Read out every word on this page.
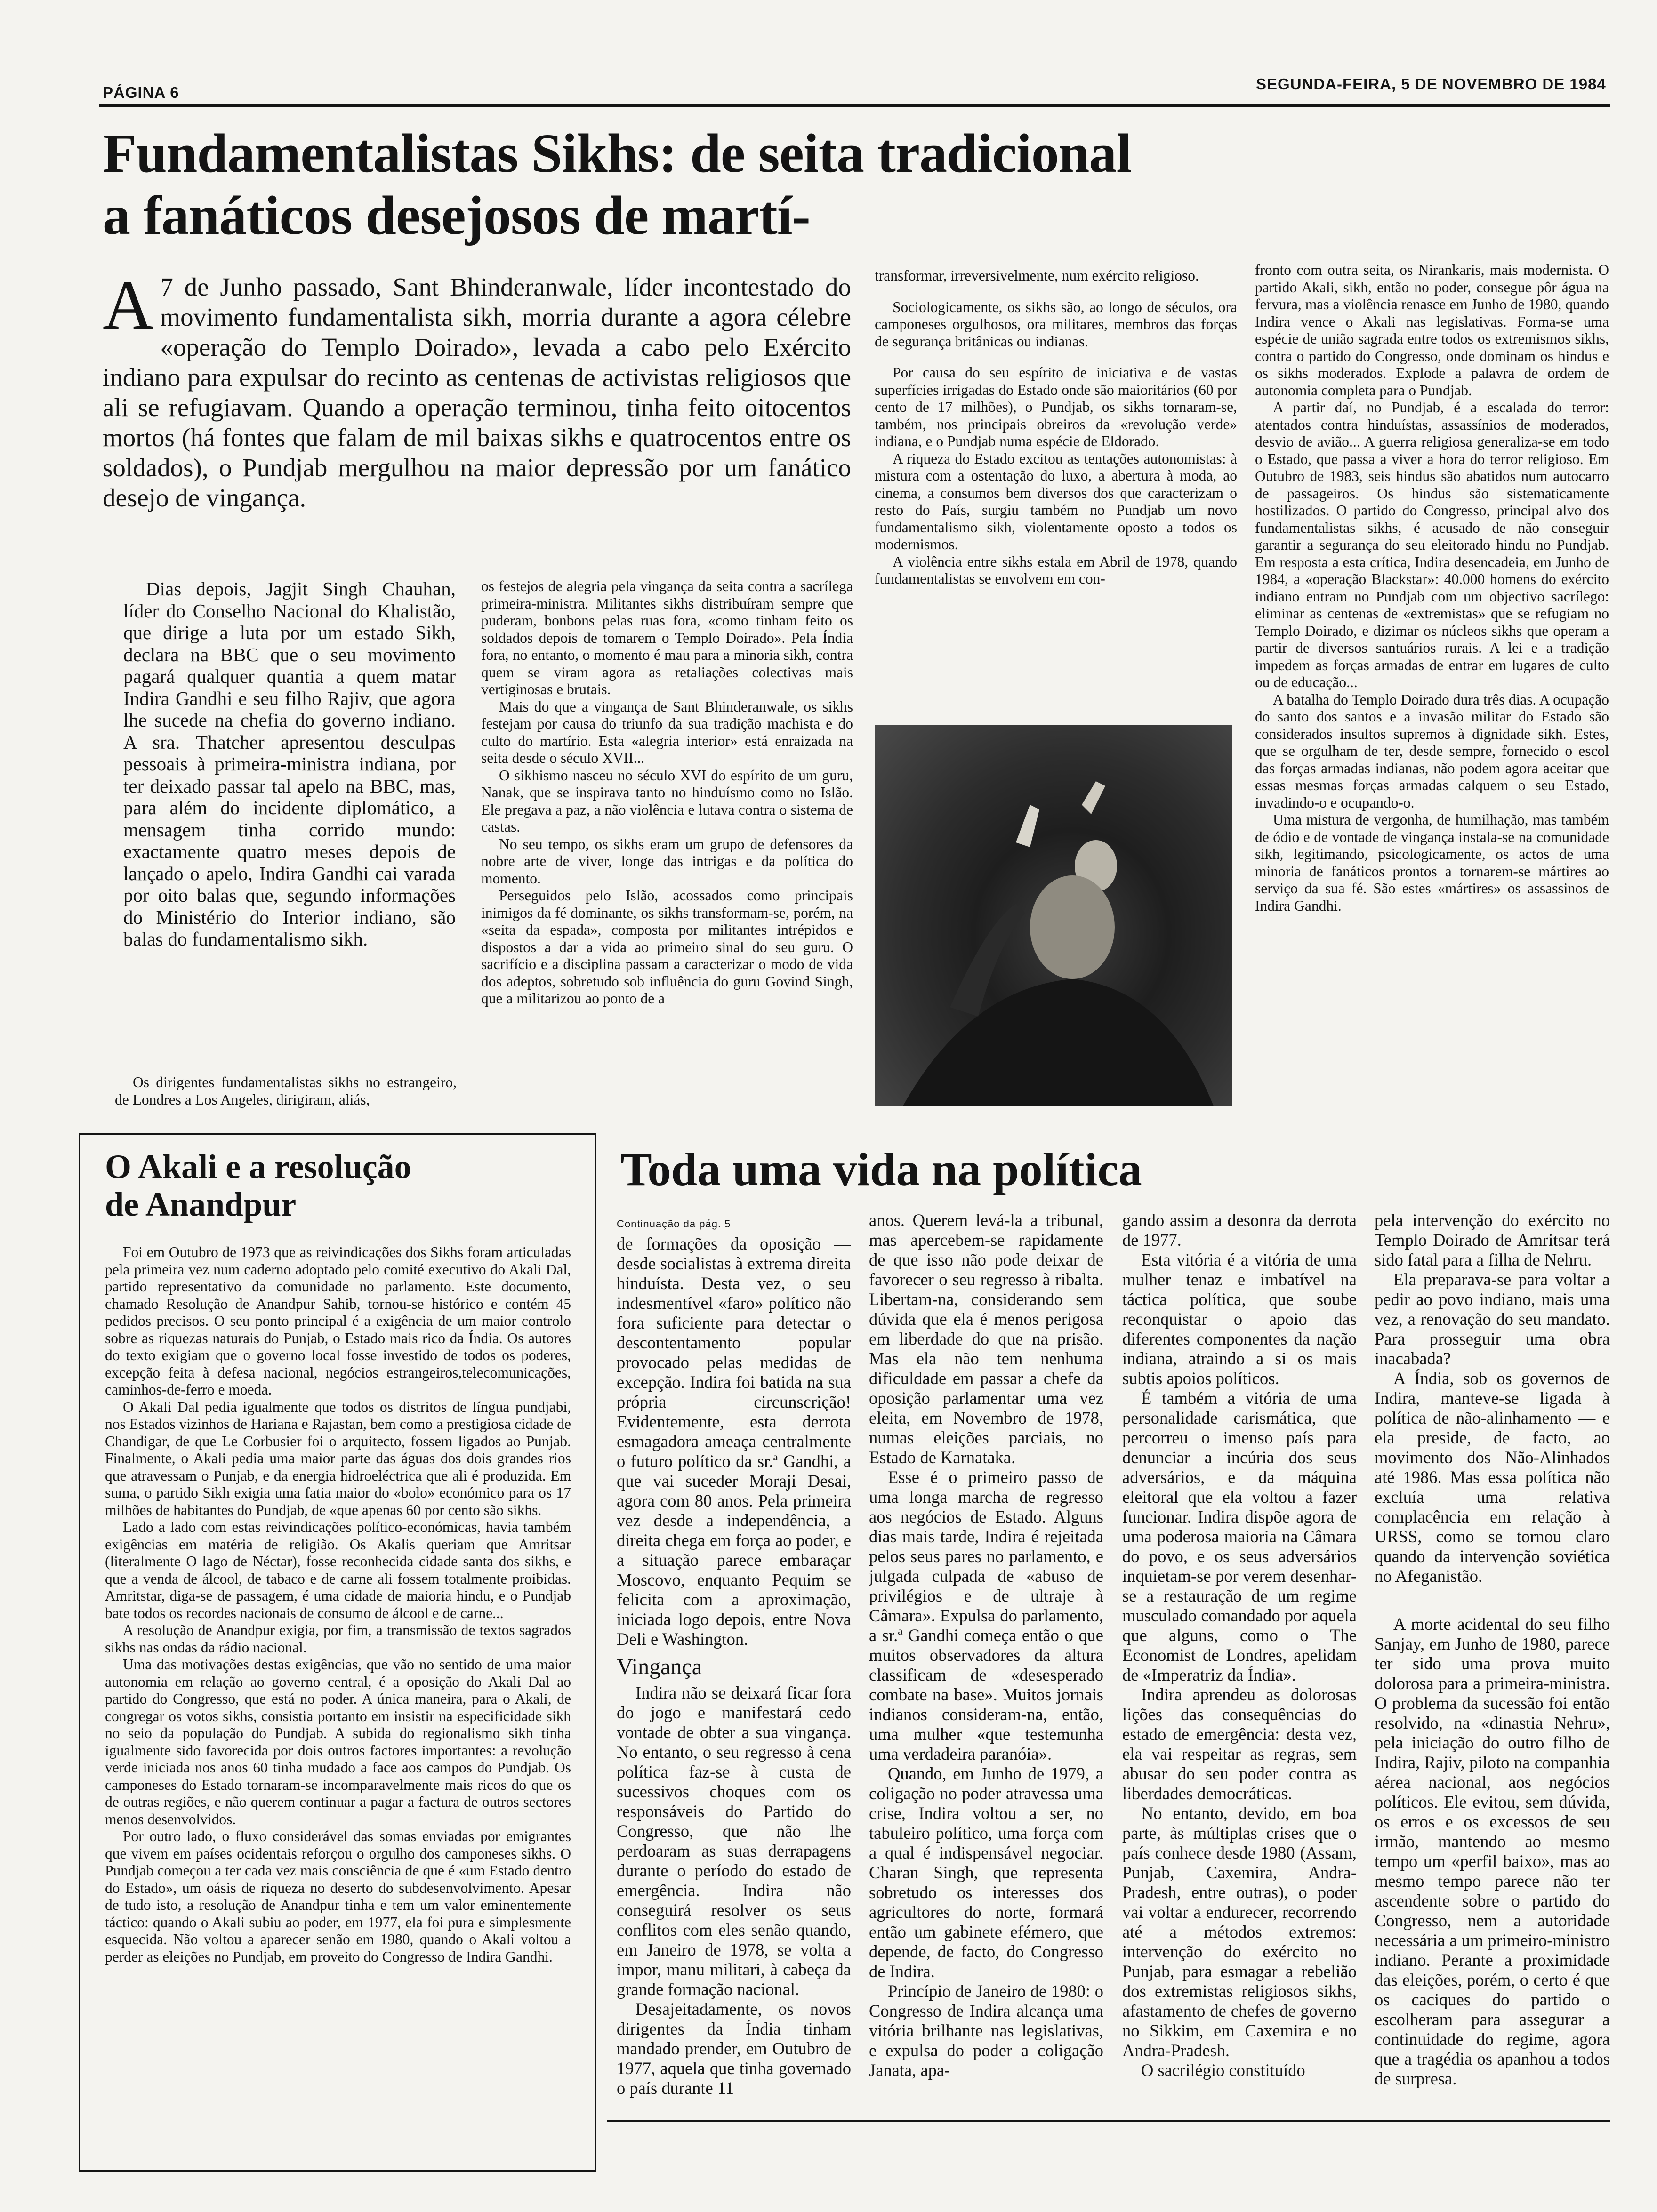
PÁGINA 6	SEGUNDA-FEIRA, 5 DE NOVEMBRO DE 1984
Fundamentalistas Sikhs: de seita tradicional
a fanáticos desejosos de martí-
A 7 de Junho passado, Sant Bhinderanwale, líder incontestado do movimento fundamentalista sikh, morria durante a agora célebre «operação do Templo Doirado», levada a cabo pelo Exército indiano para expulsar do recinto as centenas de activistas religiosos que ali se refugiavam. Quando a operação terminou, tinha feito oitocentos mortos (há fontes que falam de mil baixas sikhs e quatrocentos entre os soldados), o Pundjab mergulhou na maior depressão por um fanático desejo de vingança.

Dias depois, Jagjit Singh Chauhan, líder do Conselho Nacional do Khalistão, que dirige a luta por um estado Sikh, declara na BBC que o seu movimento pagará qualquer quantia a quem matar Indira Gandhi e seu filho Rajiv, que agora lhe sucede na chefia do governo indiano. A sra. Thatcher apresentou desculpas pessoais à primeira-ministra indiana, por ter deixado passar tal apelo na BBC, mas, para além do incidente diplomático, a mensagem tinha corrido mundo: exactamente quatro meses depois de lançado o apelo, Indira Gandhi cai varada por oito balas que, segundo informações do Ministério do Interior indiano, são balas do fundamentalismo sikh.

Os dirigentes fundamentalistas sikhs no estrangeiro, de Londres a Los Angeles, dirigiram, aliás,

os festejos de alegria pela vingança da seita contra a sacrílega primeira-ministra. Militantes sikhs distribuíram sempre que puderam, bonbons pelas ruas fora, «como tinham feito os soldados depois de tomarem o Templo Doirado». Pela Índia fora, no entanto, o momento é mau para a minoria sikh, contra quem se viram agora as retaliações colectivas mais vertiginosas e brutais.

Mais do que a vingança de Sant Bhinderanwale, os sikhs festejam por causa do triunfo da sua tradição machista e do culto do martírio. Esta «alegria interior» está enraizada na seita desde o século XVII...

O sikhismo nasceu no século XVI do espírito de um guru, Nanak, que se inspirava tanto no hinduísmo como no Islão. Ele pregava a paz, a não violência e lutava contra o sistema de castas.

No seu tempo, os sikhs eram um grupo de defensores da nobre arte de viver, longe das intrigas e da política do momento.

Perseguidos pelo Islão, acossados como principais inimigos da fé dominante, os sikhs transformam-se, porém, na «seita da espada», composta por militantes intrépidos e dispostos a dar a vida ao primeiro sinal do seu guru. O sacrifício e a disciplina passam a caracterizar o modo de vida dos adeptos, sobretudo sob influência do guru Govind Singh, que a militarizou ao ponto de a

transformar, irreversivelmente, num exército religioso.

Sociologicamente, os sikhs são, ao longo de séculos, ora camponeses orgulhosos, ora militares, membros das forças de segurança britânicas ou indianas.

Por causa do seu espírito de iniciativa e de vastas superfícies irrigadas do Estado onde são maioritários (60 por cento de 17 milhões), o Pundjab, os sikhs tornaram-se, também, nos principais obreiros da «revolução verde» indiana, e o Pundjab numa espécie de Eldorado.

A riqueza do Estado excitou as tentações autonomistas: à mistura com a ostentação do luxo, a abertura à moda, ao cinema, a consumos bem diversos dos que caracterizam o resto do País, surgiu também no Pundjab um novo fundamentalismo sikh, violentamente oposto a todos os modernismos.

A violência entre sikhs estala em Abril de 1978, quando fundamentalistas se envolvem em con-

fronto com outra seita, os Nirankaris, mais modernista. O partido Akali, sikh, então no poder, consegue pôr água na fervura, mas a violência renasce em Junho de 1980, quando Indira vence o Akali nas legislativas. Forma-se uma espécie de união sagrada entre todos os extremismos sikhs, contra o partido do Congresso, onde dominam os hindus e os sikhs moderados. Explode a palavra de ordem de autonomia completa para o Pundjab.

A partir daí, no Pundjab, é a escalada do terror: atentados contra hinduístas, assassínios de moderados, desvio de avião... A guerra religiosa generaliza-se em todo o Estado, que passa a viver a hora do terror religioso. Em Outubro de 1983, seis hindus são abatidos num autocarro de passageiros. Os hindus são sistematicamente hostilizados. O partido do Congresso, principal alvo dos fundamentalistas sikhs, é acusado de não conseguir garantir a segurança do seu eleitorado hindu no Pundjab. Em resposta a esta crítica, Indira desencadeia, em Junho de 1984, a «operação Blackstar»: 40.000 homens do exército indiano entram no Pundjab com um objectivo sacrílego: eliminar as centenas de «extremistas» que se refugiam no Templo Doirado, e dizimar os núcleos sikhs que operam a partir de diversos santuários rurais. A lei e a tradição impedem as forças armadas de entrar em lugares de culto ou de educação...

A batalha do Templo Doirado dura três dias. A ocupação do santo dos santos e a invasão militar do Estado são considerados insultos supremos à dignidade sikh. Estes, que se orgulham de ter, desde sempre, fornecido o escol das forças armadas indianas, não podem agora aceitar que essas mesmas forças armadas calquem o seu Estado, invadindo-o e ocupando-o.

Uma mistura de vergonha, de humilhação, mas também de ódio e de vontade de vingança instala-se na comunidade sikh, legitimando, psicologicamente, os actos de uma minoria de fanáticos prontos a tornarem-se mártires ao serviço da sua fé. São estes «mártires» os assassinos de Indira Gandhi.

O Akali e a resolução
de Anandpur

Foi em Outubro de 1973 que as reivindicações dos Sikhs foram articuladas pela primeira vez num caderno adoptado pelo comité executivo do Akali Dal, partido representativo da comunidade no parlamento. Este documento, chamado Resolução de Anandpur Sahib, tornou-se histórico e contém 45 pedidos precisos. O seu ponto principal é a exigência de um maior controlo sobre as riquezas naturais do Punjab, o Estado mais rico da Índia. Os autores do texto exigiam que o governo local fosse investido de todos os poderes, excepção feita à defesa nacional, negócios estrangeiros,telecomunicações, caminhos-de-ferro e moeda.

O Akali Dal pedia igualmente que todos os distritos de língua pundjabi, nos Estados vizinhos de Hariana e Rajastan, bem como a prestigiosa cidade de Chandigar, de que Le Corbusier foi o arquitecto, fossem ligados ao Punjab. Finalmente, o Akali pedia uma maior parte das águas dos dois grandes rios que atravessam o Punjab, e da energia hidroeléctrica que ali é produzida. Em suma, o partido Sikh exigia uma fatia maior do «bolo» económico para os 17 milhões de habitantes do Pundjab, de «que apenas 60 por cento são sikhs.

Lado a lado com estas reivindicações político-económicas, havia também exigências em matéria de religião. Os Akalis queriam que Amritsar (literalmente O lago de Néctar), fosse reconhecida cidade santa dos sikhs, e que a venda de álcool, de tabaco e de carne ali fossem totalmente proibidas. Amritstar, diga-se de passagem, é uma cidade de maioria hindu, e o Pundjab bate todos os recordes nacionais de consumo de álcool e de carne...

A resolução de Anandpur exigia, por fim, a transmissão de textos sagrados sikhs nas ondas da rádio nacional.

Uma das motivações destas exigências, que vão no sentido de uma maior autonomia em relação ao governo central, é a oposição do Akali Dal ao partido do Congresso, que está no poder. A única maneira, para o Akali, de congregar os votos sikhs, consistia portanto em insistir na especificidade sikh no seio da população do Pundjab. A subida do regionalismo sikh tinha igualmente sido favorecida por dois outros factores importantes: a revolução verde iniciada nos anos 60 tinha mudado a face aos campos do Pundjab. Os camponeses do Estado tornaram-se incomparavelmente mais ricos do que os de outras regiões, e não querem continuar a pagar a factura de outros sectores menos desenvolvidos.

Por outro lado, o fluxo considerável das somas enviadas por emigrantes que vivem em países ocidentais reforçou o orgulho dos camponeses sikhs. O Pundjab começou a ter cada vez mais consciência de que é «um Estado dentro do Estado», um oásis de riqueza no deserto do subdesenvolvimento. Apesar de tudo isto, a resolução de Anandpur tinha e tem um valor eminentemente táctico: quando o Akali subiu ao poder, em 1977, ela foi pura e simplesmente esquecida. Não voltou a aparecer senão em 1980, quando o Akali voltou a perder as eleições no Pundjab, em proveito do Congresso de Indira Gandhi.

Toda uma vida na política
Continuação da pág. 5

de formações da oposição — desde socialistas à extrema direita hinduísta. Desta vez, o seu indesmentível «faro» político não fora suficiente para detectar o descontentamento popular provocado pelas medidas de excepção. Indira foi batida na sua própria circunscrição! Evidentemente, esta derrota esmagadora ameaça centralmente o futuro político da sr.ª Gandhi, a que vai suceder Moraji Desai, agora com 80 anos. Pela primeira vez desde a independência, a direita chega em força ao poder, e a situação parece embaraçar Moscovo, enquanto Pequim se felicita com a aproximação, iniciada logo depois, entre Nova Deli e Washington.

Vingança

Indira não se deixará ficar fora do jogo e manifestará cedo vontade de obter a sua vingança. No entanto, o seu regresso à cena política faz-se à custa de sucessivos choques com os responsáveis do Partido do Congresso, que não lhe perdoaram as suas derrapagens durante o período do estado de emergência. Indira não conseguirá resolver os seus conflitos com eles senão quando, em Janeiro de 1978, se volta a impor, manu militari, à cabeça da grande formação nacional.

Desajeitadamente, os novos dirigentes da Índia tinham mandado prender, em Outubro de 1977, aquela que tinha governado o país durante 11

anos. Querem levá-la a tribunal, mas apercebem-se rapidamente de que isso não pode deixar de favorecer o seu regresso à ribalta. Libertam-na, considerando sem dúvida que ela é menos perigosa em liberdade do que na prisão. Mas ela não tem nenhuma dificuldade em passar a chefe da oposição parlamentar uma vez eleita, em Novembro de 1978, numas eleições parciais, no Estado de Karnataka.

Esse é o primeiro passo de uma longa marcha de regresso aos negócios de Estado. Alguns dias mais tarde, Indira é rejeitada pelos seus pares no parlamento, e julgada culpada de «abuso de privilégios e de ultraje à Câmara». Expulsa do parlamento, a sr.ª Gandhi começa então o que muitos observadores da altura classificam de «desesperado combate na base». Muitos jornais indianos consideram-na, então, uma mulher «que testemunha uma verdadeira paranóia».

Quando, em Junho de 1979, a coligação no poder atravessa uma crise, Indira voltou a ser, no tabuleiro político, uma força com a qual é indispensável negociar. Charan Singh, que representa sobretudo os interesses dos agricultores do norte, formará então um gabinete efémero, que depende, de facto, do Congresso de Indira.

Princípio de Janeiro de 1980: o Congresso de Indira alcança uma vitória brilhante nas legislativas, e expulsa do poder a coligação Janata, apa-

gando assim a desonra da derrota de 1977.

Esta vitória é a vitória de uma mulher tenaz e imbatível na táctica política, que soube reconquistar o apoio das diferentes componentes da nação indiana, atraindo a si os mais subtis apoios políticos.

É também a vitória de uma personalidade carismática, que percorreu o imenso país para denunciar a incúria dos seus adversários, e da máquina eleitoral que ela voltou a fazer funcionar. Indira dispõe agora de uma poderosa maioria na Câmara do povo, e os seus adversários inquietam-se por verem desenhar-se a restauração de um regime musculado comandado por aquela que alguns, como o The Economist de Londres, apelidam de «Imperatriz da Índia».

Indira aprendeu as dolorosas lições das consequências do estado de emergência: desta vez, ela vai respeitar as regras, sem abusar do seu poder contra as liberdades democráticas.

No entanto, devido, em boa parte, às múltiplas crises que o país conhece desde 1980 (Assam, Punjab, Caxemira, Andra-Pradesh, entre outras), o poder vai voltar a endurecer, recorrendo até a métodos extremos: intervenção do exército no Punjab, para esmagar a rebelião dos extremistas religiosos sikhs, afastamento de chefes de governo no Sikkim, em Caxemira e no Andra-Pradesh.

O sacrilégio constituído

pela intervenção do exército no Templo Doirado de Amritsar terá sido fatal para a filha de Nehru.

Ela preparava-se para voltar a pedir ao povo indiano, mais uma vez, a renovação do seu mandato. Para prosseguir uma obra inacabada?

A Índia, sob os governos de Indira, manteve-se ligada à política de não-alinhamento — e ela preside, de facto, ao movimento dos Não-Alinhados até 1986. Mas essa política não excluía uma relativa complacência em relação à URSS, como se tornou claro quando da intervenção soviética no Afeganistão.

A morte acidental do seu filho Sanjay, em Junho de 1980, parece ter sido uma prova muito dolorosa para a primeira-ministra. O problema da sucessão foi então resolvido, na «dinastia Nehru», pela iniciação do outro filho de Indira, Rajiv, piloto na companhia aérea nacional, aos negócios políticos. Ele evitou, sem dúvida, os erros e os excessos de seu irmão, mantendo ao mesmo tempo um «perfil baixo», mas ao mesmo tempo parece não ter ascendente sobre o partido do Congresso, nem a autoridade necessária a um primeiro-ministro indiano. Perante a proximidade das eleições, porém, o certo é que os caciques do partido o escolheram para assegurar a continuidade do regime, agora que a tragédia os apanhou a todos de surpresa.
